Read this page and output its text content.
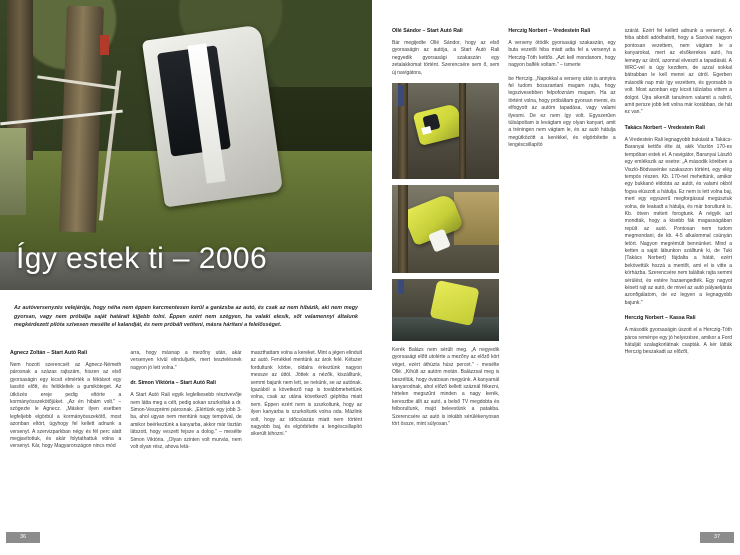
Így estek ti – 2006
Az autóversenyzés velejárója, hogy néha nem éppen karcmentesen kerül a garázsba az autó, és csak az nem hibázik, aki nem megy gyorsan, vagy nem próbálja saját határait kijjebb tolni. Éppen ezért nem szégyen, ha valaki elesik, sőt valamennyi általunk megkérdezett pilóta szívesen mesélte el kalandját, és nem próbált vetíteni, másra hárítani a felelősséget.
Agnecz Zoltán – Start Autó Rali
Nem hozott szerencsét az Agnecz-Németh párosnak a százas rajtszám, hiszen az első gyorsaságin egy kicsit elmérték a féktávot egy lassító előtt, és felökleltek a gumiköteget. Az ütközés ereje pedig eltörte a kormányösszekötőjüket. „Az én hibám volt." – szögezte le Agnecz. „Máskor ilyen esetben legfeljebb elgörbül a kormányösszekötő, most azonban eltört, úgyhogy fel kellett adnunk a versenyt. A szervizparkban négy és fél perc alatt megjavítottuk, és akár folytathattuk volna a versenyt. Kár, hogy Magyarországon nincs mód
arra, hogy másnap a mezőny után, akár versenyen kívül elinduljunk, mert tesztelésnek nagyon jó lett volna."
dr. Simon Viktória – Start Autó Rali
A Start Autó Rali egyik leglelkesebb résztvevője nem látta meg a célt, pedig sokan szurkoltak a dr. Simon-Veszprémi párosnak. „Elértünk egy jobb 3-ba, ahol ugyan nem mentünk nagy tempóval, de amikor beérkeztünk a kanyarba, akkor már tisztán látszott, hogy veszett fejsze a dolog." – mesélte Simon Viktória. „Olyan szinten volt murvás, nem volt olyan rész, ahova letá-
maszthattam volna a kereket. Mint a jégen elindult az autó. Fenékkel mentünk az árok felé. Kétszer fordultunk körbe, oldalra érkeztünk nagyon messze az úttól. Jöttek a nézők, kiszálltunk, semmi bajunk nem lett, se nekünk, se az autónak. Igazából a következő nap is továbbmehettünk volna, csak az utána következő géphiba miatt nem. Éppen ezért nem is szurkoltunk, hogy az ilyen kanyarba is szurkoltunk volna oda. Mázlink volt, hogy az időcsúszás miatt nem történt nagyobb baj, és elgörbítette a lengéscsillapító sikerült kihozni."
36
Ollé Sándor – Start Autó Rali
Bár megijedte Ollé Sándor, hogy az első gyorsaságin az autója, a Start Autó Rali negyedik gyorsasági szakaszán egy zetalakkomat történt. Szerencsére sem ő, sem új navigátora,
Kerék Balázs nem sérült meg. „A negyedik gyorsasági előtt utolérte a mezőny az előző kört véget, ezért áthúzta húsz percet." - mesélte Ollé. „Kihúlt az autóm motán. Balázzsal meg is beszéltük, hogy óvatosan megyünk. A kanyarnál kanyarodnak, ahol előző kellett száznál fékezni, hirtelen megszűnt minden a nagy kerék, keresztbe állt az autó, a belső TV megdobta és felborultunk, majd beleestünk a patakba. Szerencsére az autó is inkább sérülékenyosan tört össze, mint súlyosan."
Herczig Norbert – Vredestein Rali
A verseny ötödik gyorsasági szakaszán, egy buta vezetői hiba miatt adta fel a versenyt a Herczig-Tóth kettős. „Azt kell mondanom, hogy nagyon balfék voltam." – ismerte
be Herczig. „Napokkal a verseny után is annyira fel tudom bosszantani magam rajta, hogy legszivesebben felpofoznám magam. Ha az történt volna, hogy próbáltam gyorsan menni, és elfogyott az autóm tapadása, vagy valami ilyesmi. De ez nem így volt. Egyszerűen túlsápoltam is levágtam egy olyan kanyart, amit a tréningen nem vágtam le, és az autó hátulja megütközött a kerékkel, és elgörbítette a lengéscsillapító
szárát. Ezért fel kellett adnunk a versenyt. A hiba abból adódhatott, hogy a Saxóval nagyon pontosan vezettem, nem vágtam le a kanyarokat, mert az elsőkerekes autó, ha lemegy az útról, azonnal elveszti a tapadását. A WRC-vel is úgy kezdtem, de azzal sokkal bátrabban le kell menni az útról. Egerben második nap már így vezettem, és gyorsabb is volt. Most azonban egy kicsit túlzásba vittem a dolgot. Újra sikerült tanulnom valamit a raliról, amit persze jobb lett volna már korábban, de hát ez van."
Takács Norbert – Vredestein Rali
A Vredestein Rali legnagyobb bukását a Takács-Baranyai kettős élte át, akik Viszlón 170-es tempóban estek el. A navigátor, Baranyai László egy emlékszik az esetre: „A második körében a Viszló-Bödvavénke szakaszon történt, egy elég tempós részen. Kb. 170-nel mehettünk, amikor egy bukkanó eldobta az autót, és valami okból fogva elúszott a hátulja. Ez nem is lett volna baj, mert egy egyszerű megforgással megúsztuk volna, de leakadt a hátulja, és már borultunk is. Kb. ötven métert forogtunk. A négyik azt mondták, hogy a kisebb fák magasságában repült az autó. Pontosan nem tudom megmondani, de kb. 4-5 alkalommal csúnyán letört. Nagyon megrémült bennünket. Mind a ketten a saját lábunkon szálltunk ki, de Tuki (Takács Norbert) fájdalta a hátát, ezért bekövettük hozzá a mentőt, ami el is vitte a kórházba. Szerencsére nem találtak rajta semmi sérülést, és estére hazaengedték. Egy nagyot késett rajt az autó, de mivel az autó pályaeljárás azonfigálatom, de ez legyen a legnagyobb bajunk."
Herczig Norbert – Kassa Rali
A második gyorsaságin úszott el a Herczig-Tóth páros reménye egy jó helyezésre, amikor a Ford hátulját szalagkorlátnak csapták. A kér látták Herczig beszakadt az előzőt,
37
